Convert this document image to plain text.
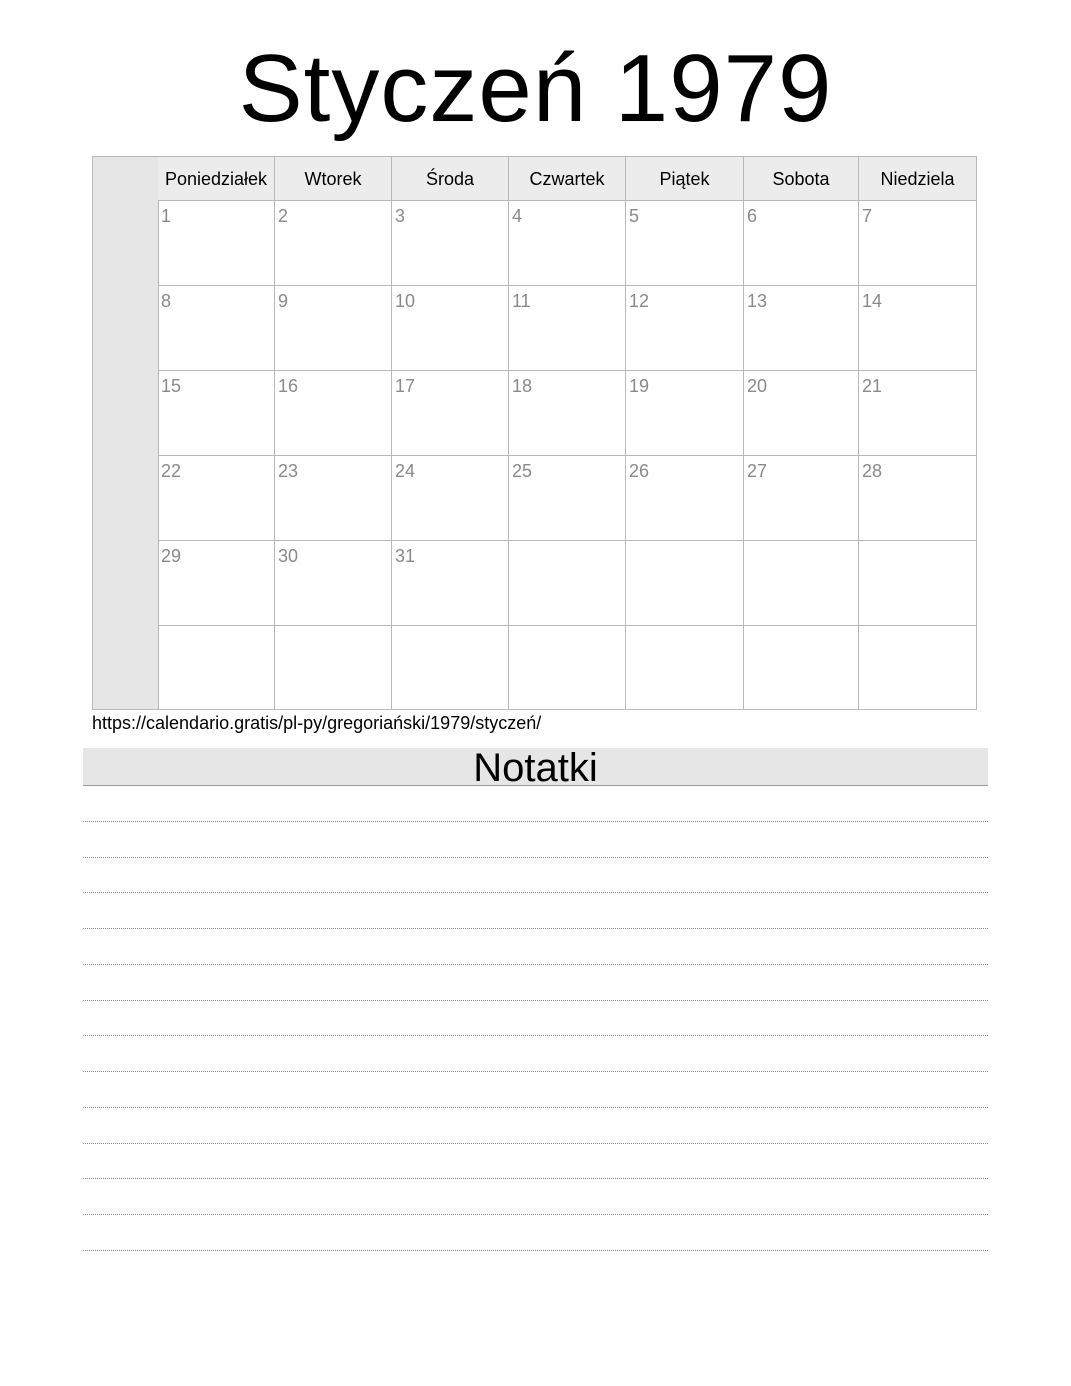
Styczeń 1979
Poniedziałek	Wtorek	Środa	Czwartek	Piątek	Sobota	Niedziela
1	2	3	4	5	6	7
8	9	10	11	12	13	14
15	16	17	18	19	20	21
22	23	24	25	26	27	28
29	30	31
https://calendario.gratis/pl-py/gregoriański/1979/styczeń/
Notatki
